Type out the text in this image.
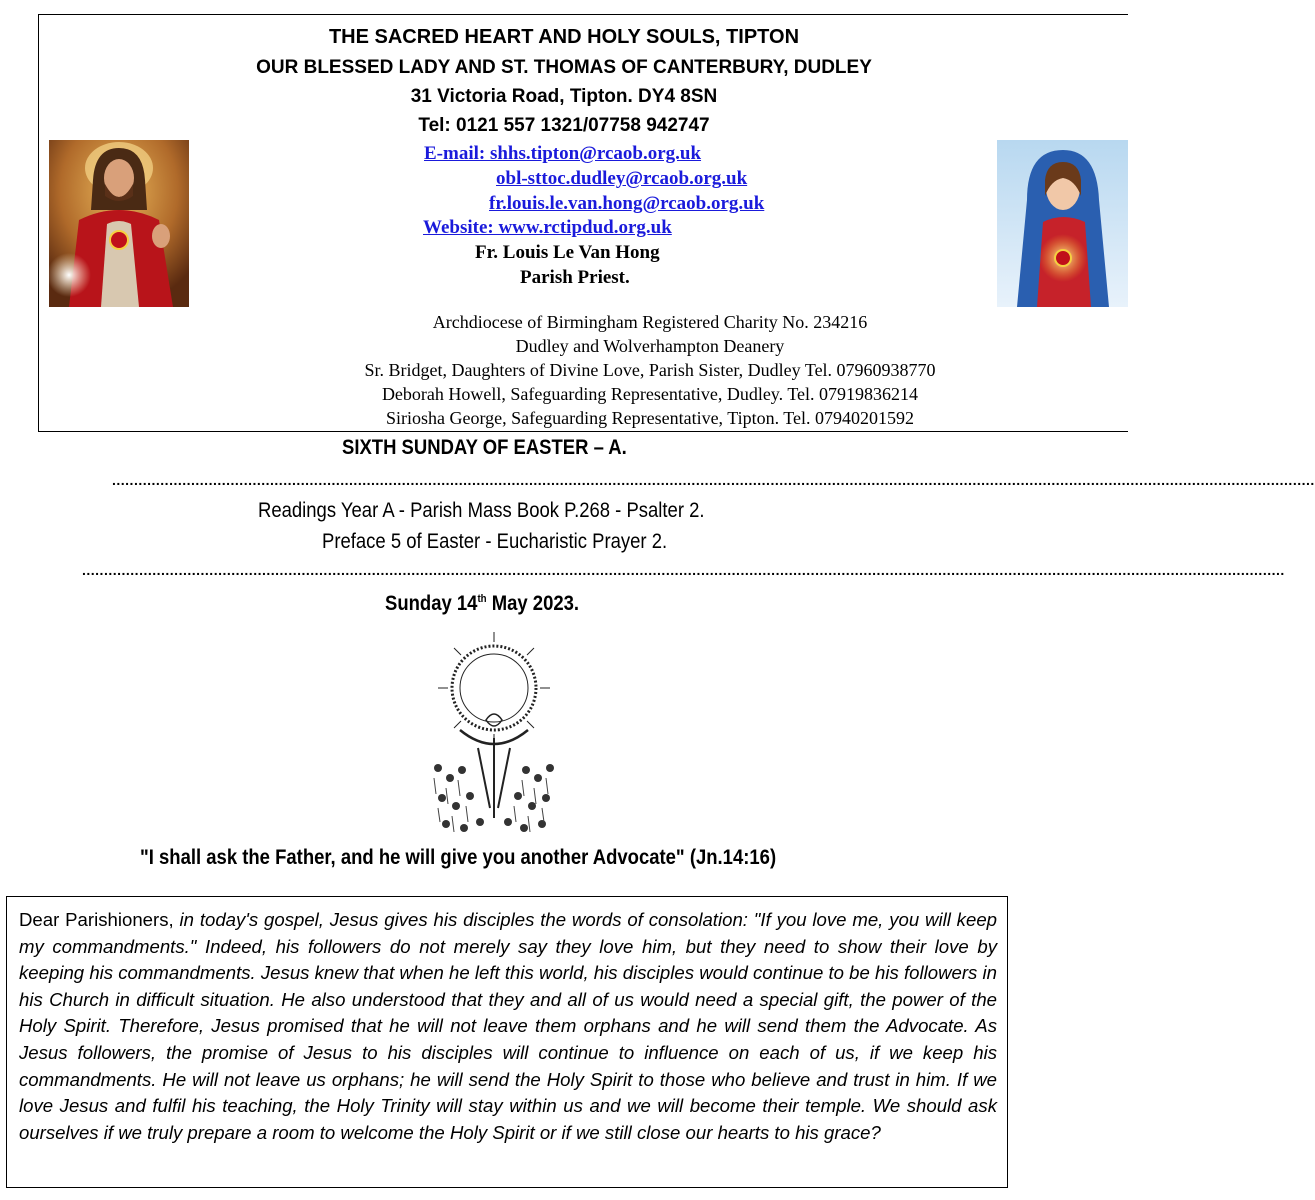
THE SACRED HEART AND HOLY SOULS, TIPTON
OUR BLESSED LADY AND ST. THOMAS OF CANTERBURY, DUDLEY
31 Victoria Road, Tipton. DY4 8SN
Tel: 0121 557 1321/07758 942747
E-mail: shhs.tipton@rcaob.org.uk
obl-sttoc.dudley@rcaob.org.uk
fr.louis.le.van.hong@rcaob.org.uk
Website: www.rctipdud.org.uk
Fr. Louis Le Van Hong
Parish Priest.
Archdiocese of Birmingham Registered Charity No. 234216
Dudley and Wolverhampton Deanery
Sr. Bridget, Daughters of Divine Love, Parish Sister, Dudley Tel. 07960938770
Deborah Howell, Safeguarding Representative, Dudley. Tel. 07919836214
Siriosha George, Safeguarding Representative, Tipton. Tel. 07940201592
SIXTH SUNDAY OF EASTER – A.
..................................................................................................................................................................................................................................................................................
Readings Year A - Parish Mass Book P.268 - Psalter 2.
Preface 5 of Easter - Eucharistic Prayer 2.
..................................................................................................................................................................................................................................................................................
Sunday 14th May 2023.
"I shall ask the Father, and he will give you another Advocate" (Jn.14:16)
Dear Parishioners, in today's gospel, Jesus gives his disciples the words of consolation: "If you love me, you will keep my commandments." Indeed, his followers do not merely say they love him, but they need to show their love by keeping his commandments. Jesus knew that when he left this world, his disciples would continue to be his followers in his Church in difficult situation. He also understood that they and all of us would need a special gift, the power of the Holy Spirit. Therefore, Jesus promised that he will not leave them orphans and he will send them the Advocate. As Jesus followers, the promise of Jesus to his disciples will continue to influence on each of us, if we keep his commandments. He will not leave us orphans; he will send the Holy Spirit to those who believe and trust in him. If we love Jesus and fulfil his teaching, the Holy Trinity will stay within us and we will become their temple. We should ask ourselves if we truly prepare a room to welcome the Holy Spirit or if we still close our hearts to his grace?
